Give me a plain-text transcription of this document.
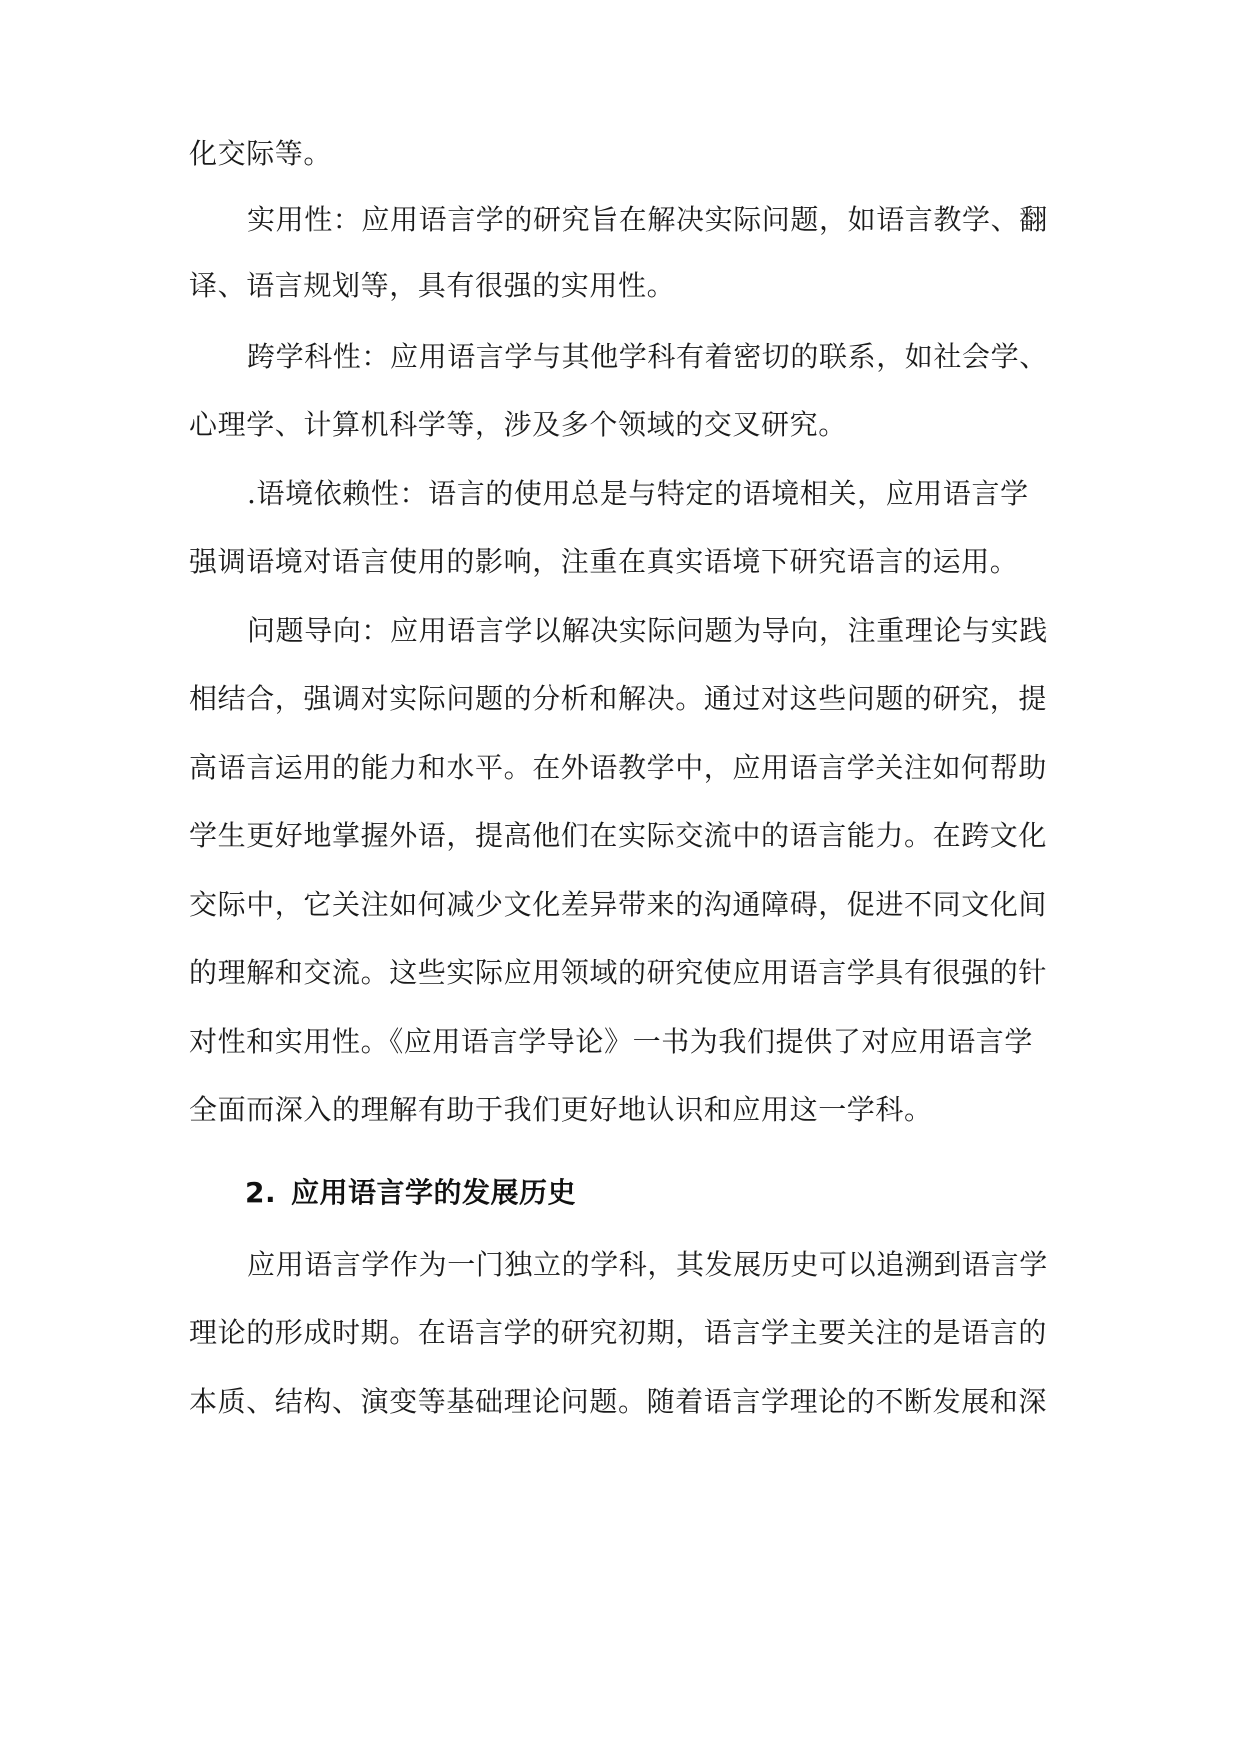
化交际等。
实用性：应用语言学的研究旨在解决实际问题，如语言教学、翻
译、语言规划等，具有很强的实用性。
跨学科性：应用语言学与其他学科有着密切的联系，如社会学、
心理学、计算机科学等，涉及多个领域的交叉研究。
.语境依赖性：语言的使用总是与特定的语境相关，应用语言学
强调语境对语言使用的影响，注重在真实语境下研究语言的运用。
问题导向：应用语言学以解决实际问题为导向，注重理论与实践
相结合，强调对实际问题的分析和解决。通过对这些问题的研究，提
高语言运用的能力和水平。在外语教学中，应用语言学关注如何帮助
学生更好地掌握外语，提高他们在实际交流中的语言能力。在跨文化
交际中，它关注如何减少文化差异带来的沟通障碍，促进不同文化间
的理解和交流。这些实际应用领域的研究使应用语言学具有很强的针
对性和实用性。《应用语言学导论》一书为我们提供了对应用语言学
全面而深入的理解有助于我们更好地认识和应用这一学科。
2. 应用语言学的发展历史
应用语言学作为一门独立的学科，其发展历史可以追溯到语言学
理论的形成时期。在语言学的研究初期，语言学主要关注的是语言的
本质、结构、演变等基础理论问题。随着语言学理论的不断发展和深
